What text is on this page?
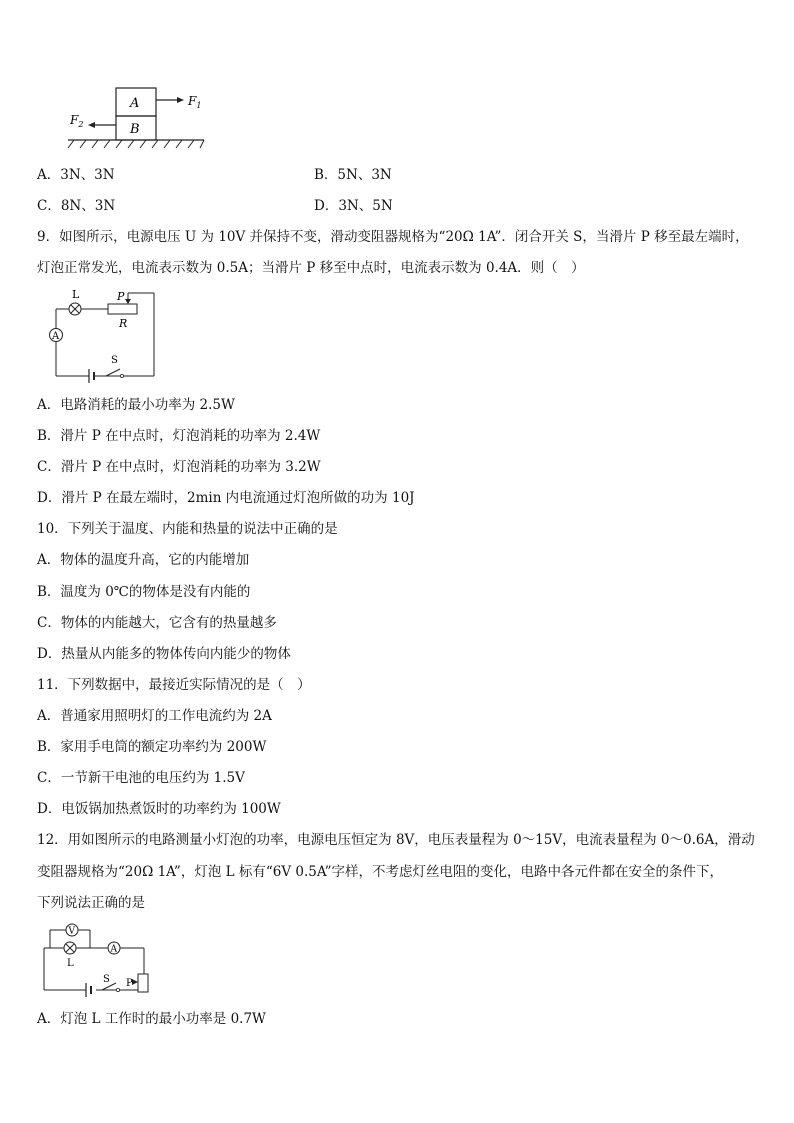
A
B
$F_1$
$F_2$
A．3N、3N	B．5N、3N
C．8N、3N	D．3N、5N
9．如图所示，电源电压 U 为 10V 并保持不变，滑动变阻器规格为“20Ω 1A”．闭合开关 S，当滑片 P 移至最左端时，
灯泡正常发光，电流表示数为 0.5A；当滑片 P 移至中点时，电流表示数为 0.4A．则（　）
A
L	P
R
S
A．电路消耗的最小功率为 2.5W
B．滑片 P 在中点时，灯泡消耗的功率为 2.4W
C．滑片 P 在中点时，灯泡消耗的功率为 3.2W
D．滑片 P 在最左端时，2min 内电流通过灯泡所做的功为 10J
10．下列关于温度、内能和热量的说法中正确的是
A．物体的温度升高，它的内能增加
B．温度为 0℃的物体是没有内能的
C．物体的内能越大，它含有的热量越多
D．热量从内能多的物体传向内能少的物体
11．下列数据中，最接近实际情况的是（　）
A．普通家用照明灯的工作电流约为 2A
B．家用手电筒的额定功率约为 200W
C．一节新干电池的电压约为 1.5V
D．电饭锅加热煮饭时的功率约为 100W
12．用如图所示的电路测量小灯泡的功率，电源电压恒定为 8V，电压表量程为 0～15V，电流表量程为 0～0.6A，滑动
变阻器规格为“20Ω 1A”，灯泡 L 标有“6V 0.5A”字样，不考虑灯丝电阻的变化，电路中各元件都在安全的条件下，
下列说法正确的是
V
L
A
S P
A．灯泡 L 工作时的最小功率是 0.7W
